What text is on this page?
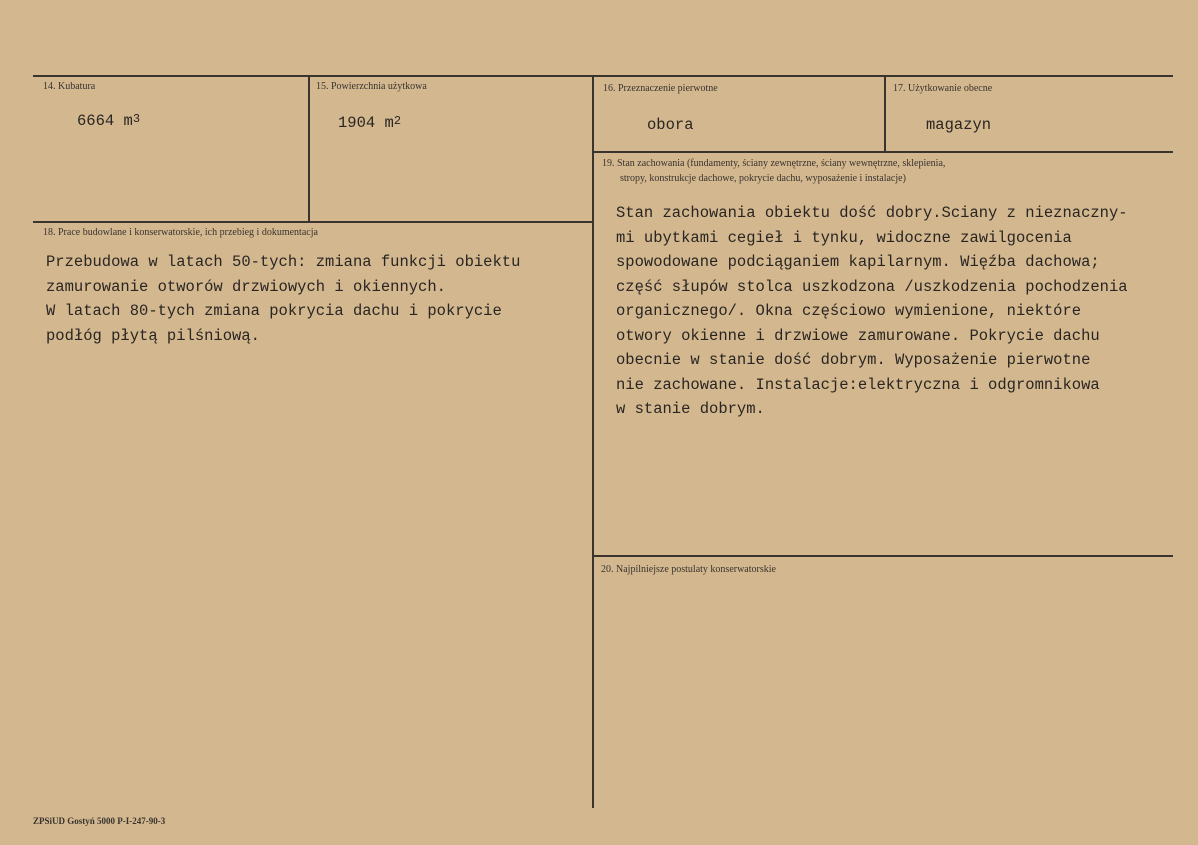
14. Kubatura
6664 $m^3$
15. Powierzchnia użytkowa
1904 $m^2$
16. Przeznaczenie pierwotne
obora
17. Użytkowanie obecne
magazyn
19. Stan zachowania (fundamenty, ściany zewnętrzne, ściany wewnętrzne, sklepienia,
stropy, konstrukcje dachowe, pokrycie dachu, wyposażenie i instalacje)
Stan zachowania obiektu dość dobry.Sciany z nieznaczny-
mi ubytkami cegieł i tynku, widoczne zawilgocenia
spowodowane podciąganiem kapilarnym. Więźba dachowa;
część słupów stolca uszkodzona /uszkodzenia pochodzenia
organicznego/. Okna częściowo wymienione, niektóre
otwory okienne i drzwiowe zamurowane. Pokrycie dachu
obecnie w stanie dość dobrym. Wyposażenie pierwotne
nie zachowane. Instalacje:elektryczna i odgromnikowa
w stanie dobrym.
18. Prace budowlane i konserwatorskie, ich przebieg i dokumentacja
Przebudowa w latach 50-tych: zmiana funkcji obiektu
zamurowanie otworów drzwiowych i okiennych.
W latach 80-tych zmiana pokrycia dachu i pokrycie
podłóg płytą pilśniową.
20. Najpilniejsze postulaty konserwatorskie
ZPSiUD Gostyń 5000 P-I-247-90-3
